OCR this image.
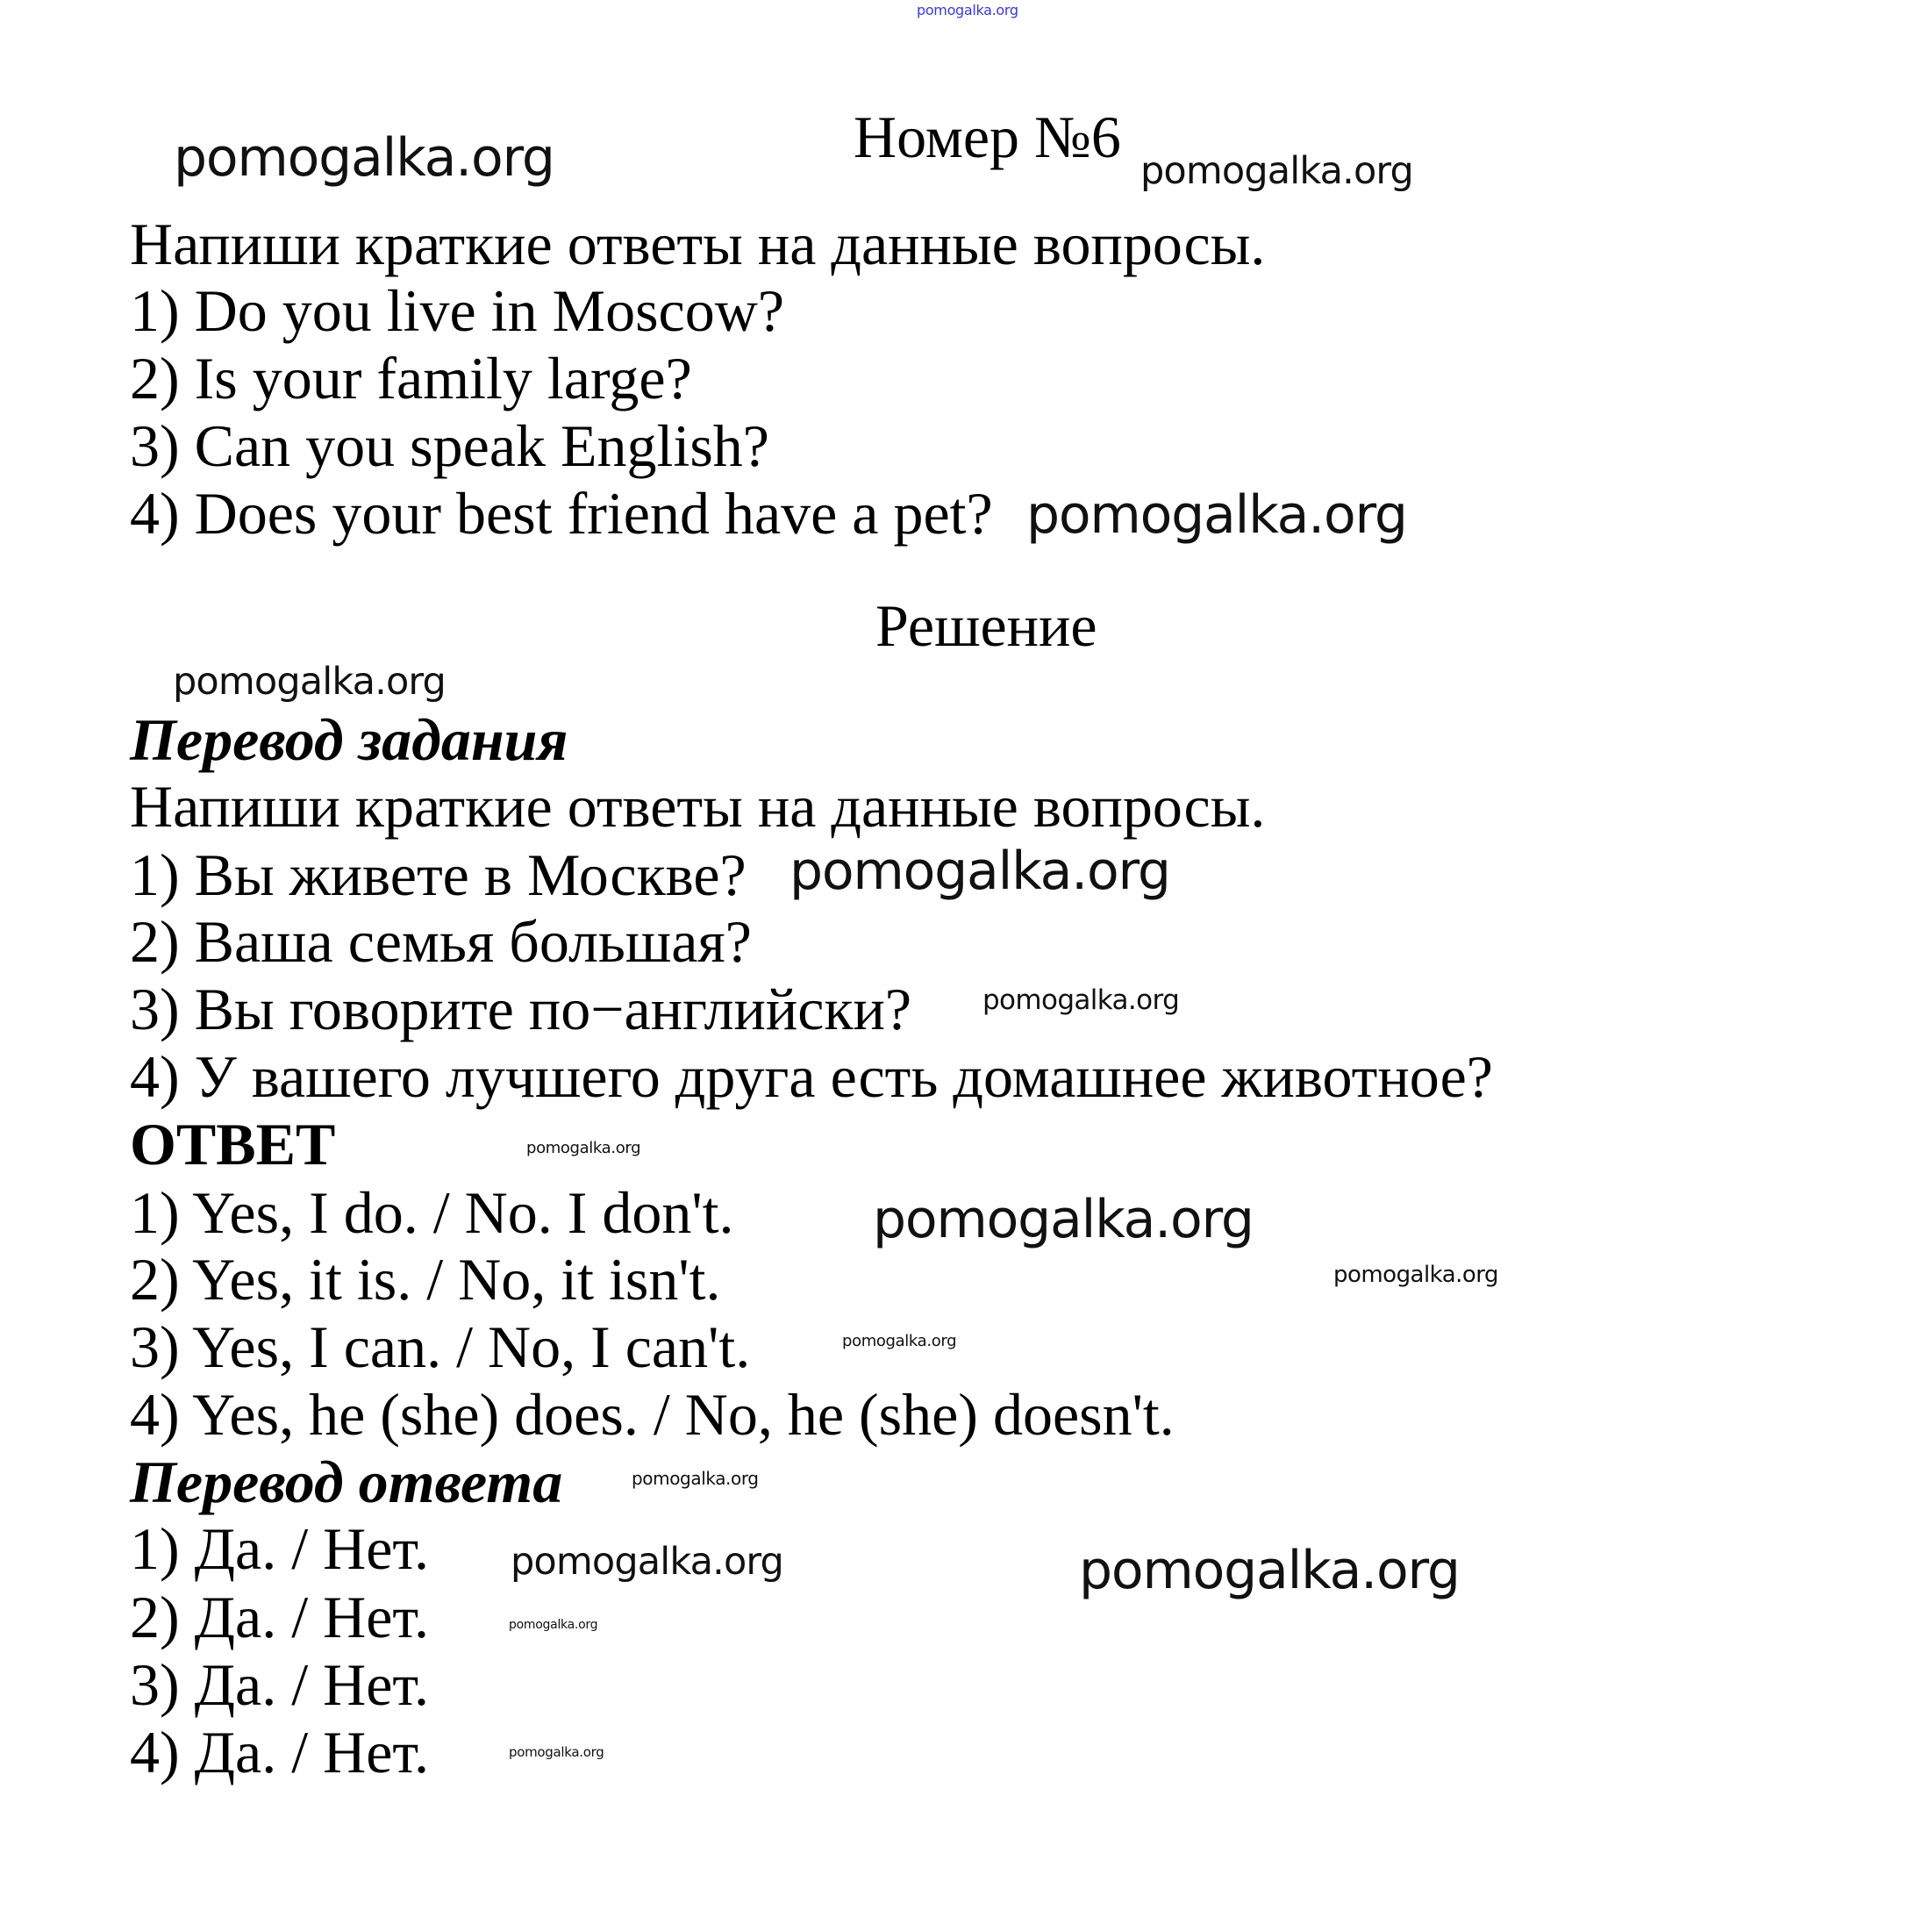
pomogalka.org
Номер №6
Напиши краткие ответы на данные вопросы.
1) Do you live in Moscow?
2) Is your family large?
3) Can you speak English?
4) Does your best friend have a pet?
Решение
Перевод задания
Напиши краткие ответы на данные вопросы.
1) Вы живете в Москве?
2) Ваша семья большая?
3) Вы говорите по−английски?
4) У вашего лучшего друга есть домашнее животное?
ОТВЕТ
1) Yes, I do. / No. I don't.
2) Yes, it is. / No, it isn't.
3) Yes, I can. / No, I can't.
4) Yes, he (she) does. / No, he (she) doesn't.
Перевод ответа
1) Да. / Нет.
2) Да. / Нет.
3) Да. / Нет.
4) Да. / Нет.
pomogalka.org	pomogalka.org
pomogalka.org
pomogalka.org
pomogalka.org
pomogalka.org
pomogalka.org
pomogalka.org
pomogalka.org
pomogalka.org
pomogalka.org
pomogalka.org	pomogalka.org
pomogalka.org
pomogalka.org
